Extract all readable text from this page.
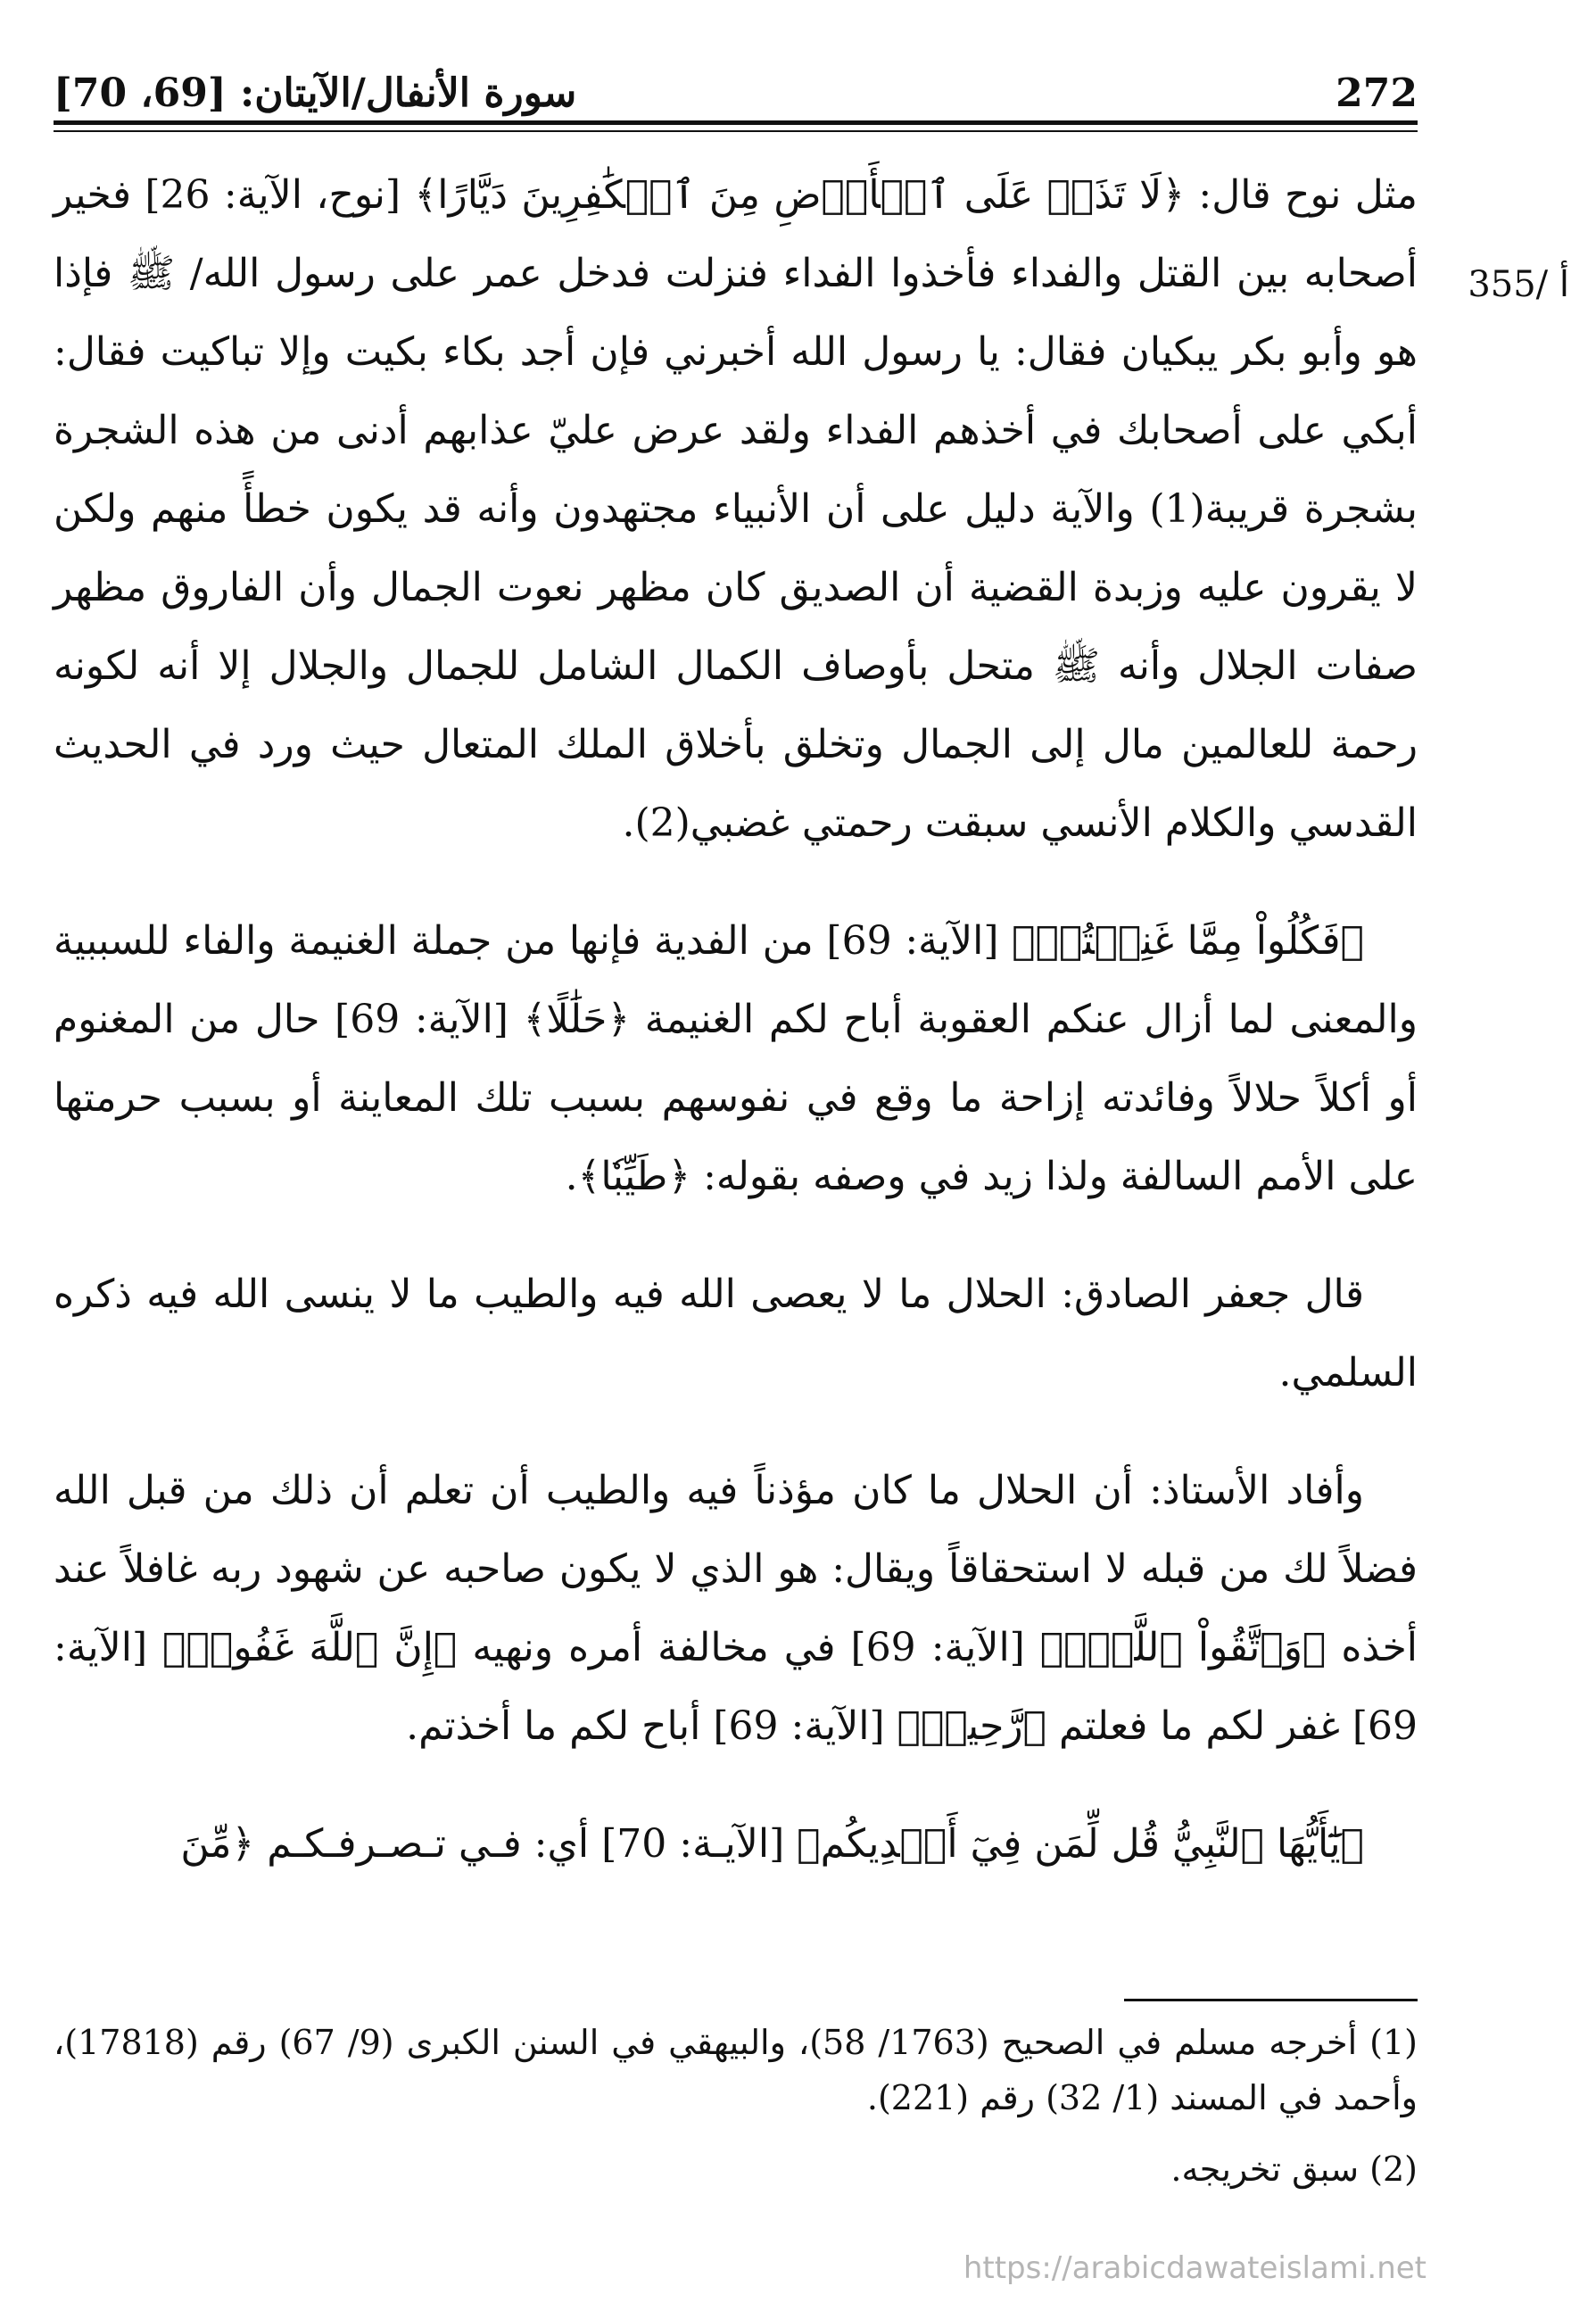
سورة الأنفال/الآيتان: [69، 70]	272
355/ أ

مثل نوح قال: ﴿لَا تَذَرۡ عَلَى ٱلۡأَرۡضِ مِنَ ٱلۡكَٰفِرِينَ دَيَّارًا﴾ [نوح، الآية: 26] فخير أصحابه بين القتل والفداء فأخذوا الفداء فنزلت فدخل عمر على رسول الله/ ﷺ فإذا هو وأبو بكر يبكيان فقال: يا رسول الله أخبرني فإن أجد بكاء بكيت وإلا تباكيت فقال: أبكي على أصحابك في أخذهم الفداء ولقد عرض عليّ عذابهم أدنى من هذه الشجرة بشجرة قريبة(1) والآية دليل على أن الأنبياء مجتهدون وأنه قد يكون خطأً منهم ولكن لا يقرون عليه وزبدة القضية أن الصديق كان مظهر نعوت الجمال وأن الفاروق مظهر صفات الجلال وأنه ﷺ متحل بأوصاف الكمال الشامل للجمال والجلال إلا أنه لكونه رحمة للعالمين مال إلى الجمال وتخلق بأخلاق الملك المتعال حيث ورد في الحديث القدسي والكلام الأنسي سبقت رحمتي غضبي(2).

﴿فَكُلُواْ مِمَّا غَنِمۡتُمۡ﴾ [الآية: 69] من الفدية فإنها من جملة الغنيمة والفاء للسببية والمعنى لما أزال عنكم العقوبة أباح لكم الغنيمة ﴿حَلَٰلًا﴾ [الآية: 69] حال من المغنوم أو أكلاً حلالاً وفائدته إزاحة ما وقع في نفوسهم بسبب تلك المعاينة أو بسبب حرمتها على الأمم السالفة ولذا زيد في وصفه بقوله: ﴿طَيِّبٗا﴾.

قال جعفر الصادق: الحلال ما لا يعصى الله فيه والطيب ما لا ينسى الله فيه ذكره السلمي.

وأفاد الأستاذ: أن الحلال ما كان مؤذناً فيه والطيب أن تعلم أن ذلك من قبل الله فضلاً لك من قبله لا استحقاقاً ويقال: هو الذي لا يكون صاحبه عن شهود ربه غافلاً عند أخذه ﴿وَٱتَّقُواْ ٱللَّهَۚ﴾ [الآية: 69] في مخالفة أمره ونهيه ﴿إِنَّ ٱللَّهَ غَفُورٞ﴾ [الآية: 69] غفر لكم ما فعلتم ﴿رَّحِيمٞ﴾ [الآية: 69] أباح لكم ما أخذتم.

﴿يَٰٓأَيُّهَا ٱلنَّبِيُّ قُل لِّمَن فِيٓ أَيۡدِيكُم﴾ [الآيـة: 70] أي: فـي تـصـرفـكـم ﴿مِّنَ

(1) أخرجه مسلم في الصحيح (1763/ 58)، والبيهقي في السنن الكبرى (9/ 67) رقم (17818)، وأحمد في المسند (1/ 32) رقم (221).

(2) سبق تخريجه.

https://arabicdawateislami.net
